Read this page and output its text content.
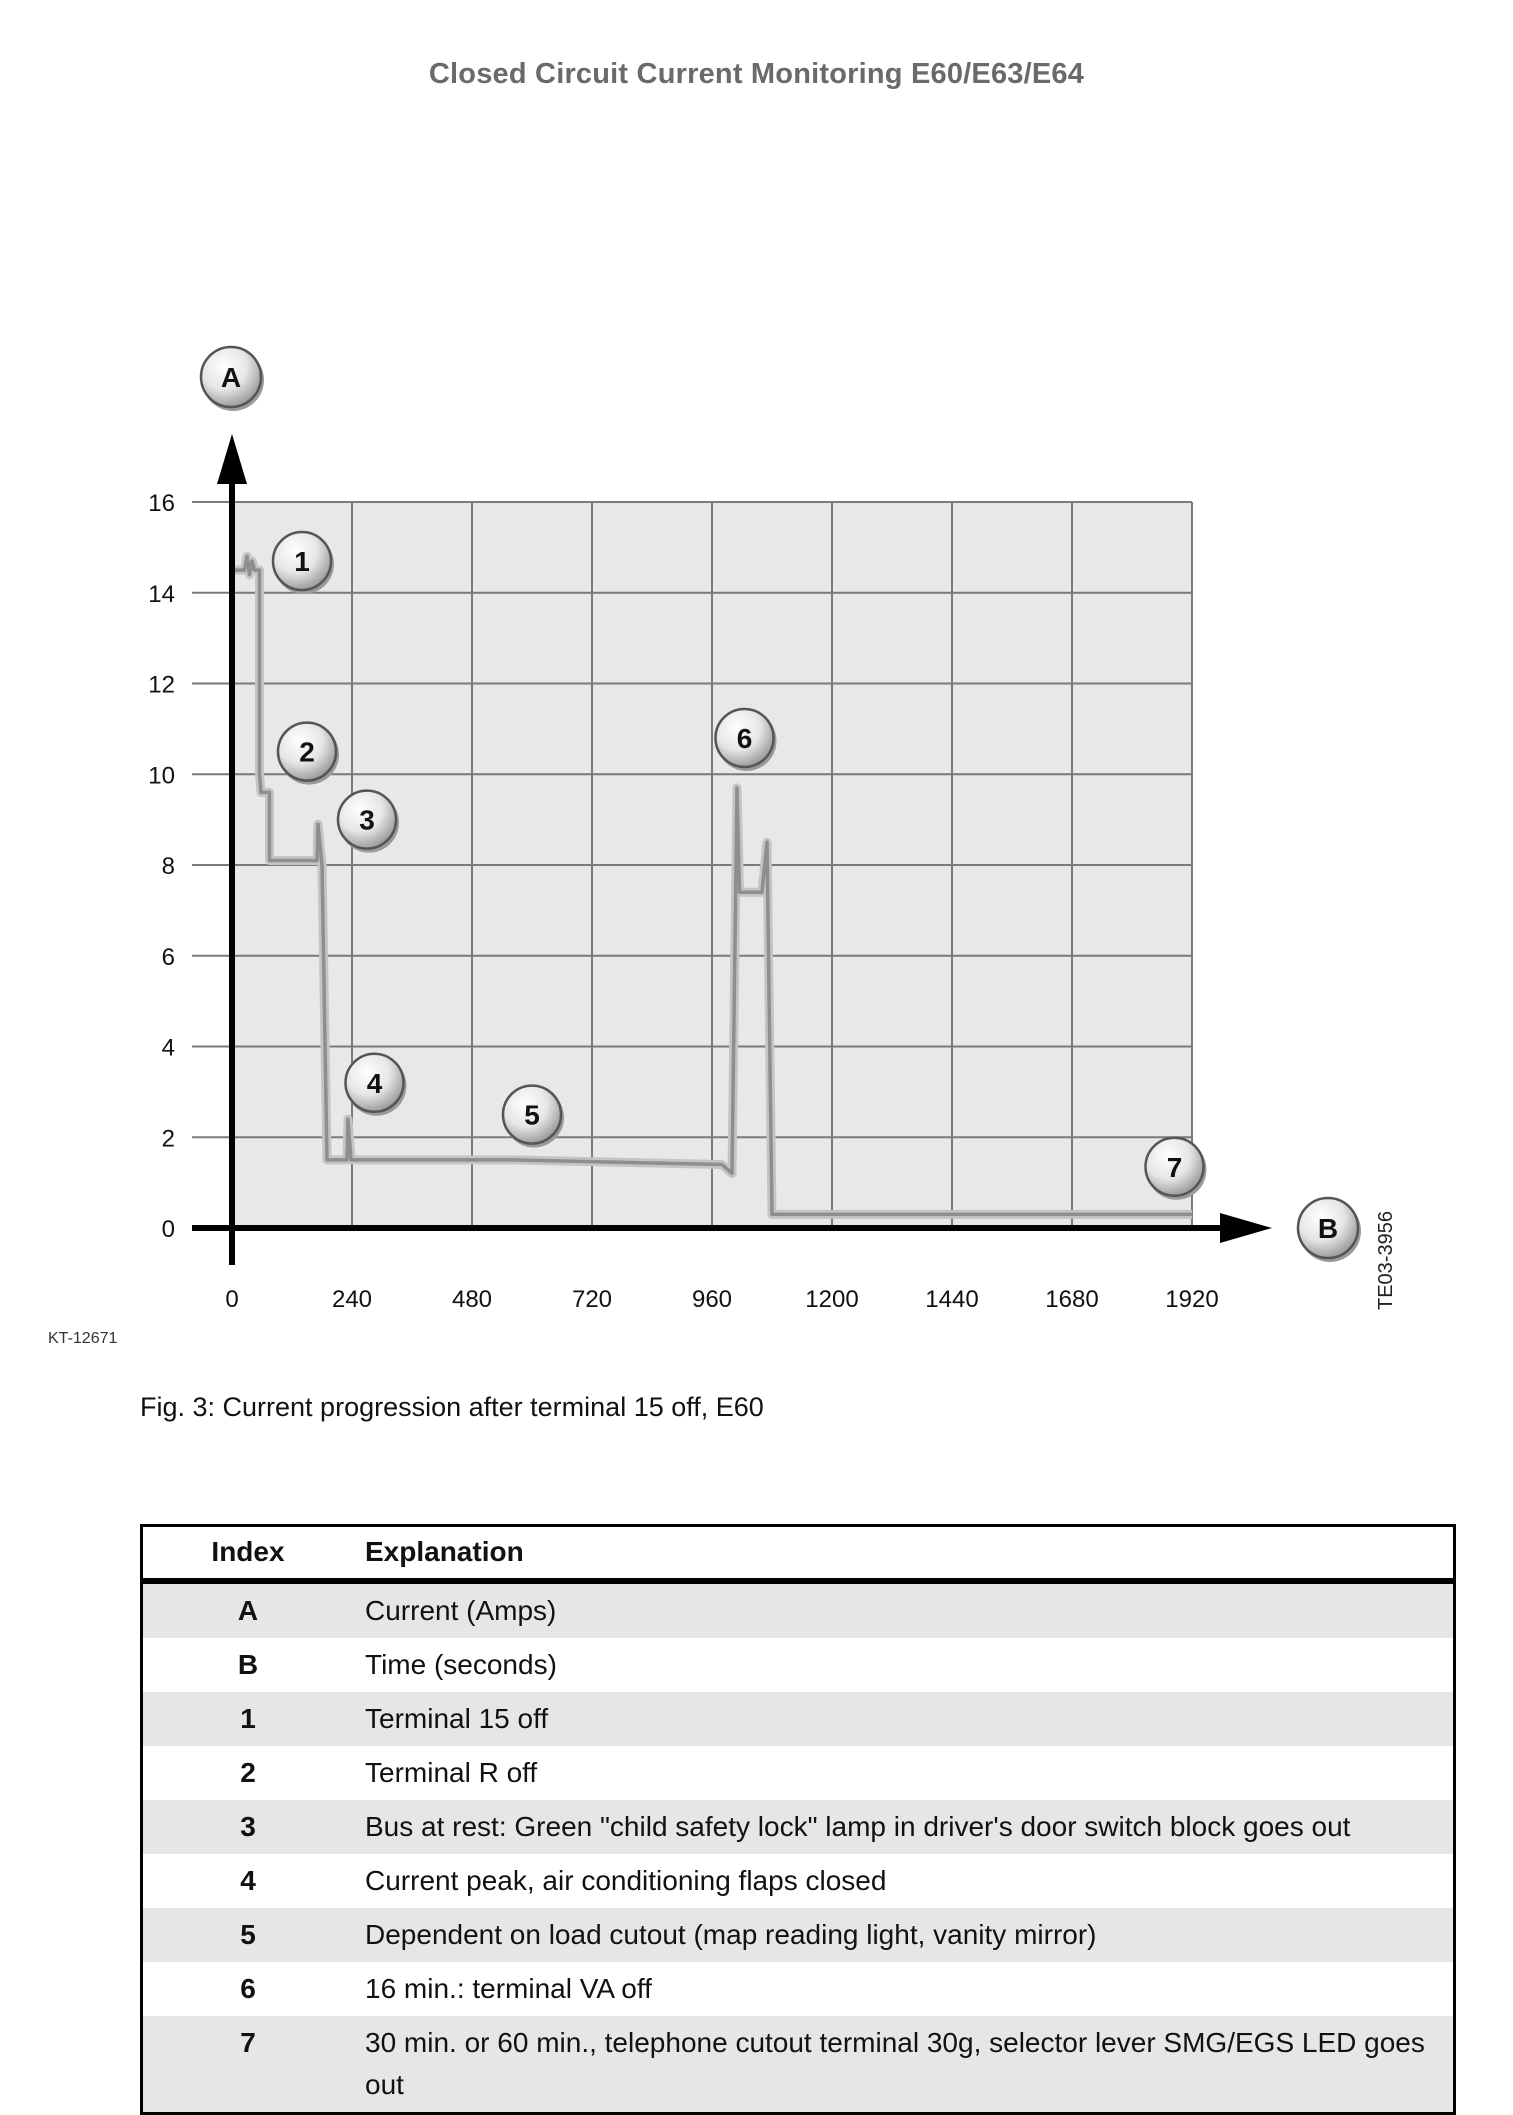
Closed Circuit Current Monitoring E60/E63/E64
0
2
4
6
8
10
12
14
16
0	240	480	720	960	1200	1440	1680	1920
A
B
1
2
3
4
5
6
7
TE03-3956
KT-12671
Fig. 3: Current progression after terminal 15 off, E60
Index	Explanation
A	Current (Amps)
B	Time (seconds)
1	Terminal 15 off
2	Terminal R off
3	Bus at rest: Green "child safety lock" lamp in driver's door switch block goes out
4	Current peak, air conditioning flaps closed
5	Dependent on load cutout (map reading light, vanity mirror)
6	16 min.: terminal VA off
7	30 min. or 60 min., telephone cutout terminal 30g, selector lever SMG/EGS LED goes out
